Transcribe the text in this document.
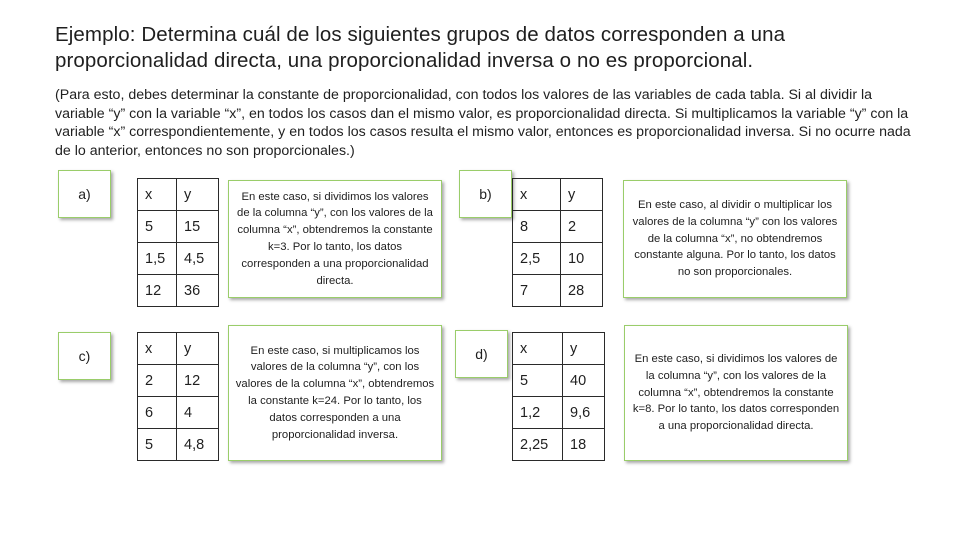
Ejemplo: Determina cuál de los siguientes grupos de datos corresponden a una proporcionalidad directa, una proporcionalidad inversa o no es proporcional.
(Para esto, debes determinar la constante de proporcionalidad, con todos los valores de las variables de cada tabla. Si al dividir la variable “y” con la variable “x”, en todos los casos dan el mismo valor, es proporcionalidad directa. Si multiplicamos la variable “y” con la variable “x” correspondientemente, y en todos los casos resulta el mismo valor, entonces es proporcionalidad inversa. Si no ocurre nada de lo anterior, entonces no son proporcionales.)
a)	x	y
5	15
1,5	4,5
12	36
En este caso, si dividimos los valores de la columna “y”, con los valores de la columna “x”, obtendremos la constante k=3. Por lo tanto, los datos corresponden a una proporcionalidad directa.
b)	x	y
8	2
2,5	10
7	28
En este caso, al dividir o multiplicar los valores de la columna “y” con los valores de la columna “x”, no obtendremos constante alguna. Por lo tanto, los datos no son proporcionales.
c)	x	y
2	12
6	4
5	4,8
En este caso, si multiplicamos los valores de la columna “y”, con los valores de la columna “x”, obtendremos la constante k=24. Por lo tanto, los datos corresponden a una proporcionalidad inversa.
d)	x	y
5	40
1,2	9,6
2,25	18
En este caso, si dividimos los valores de la columna “y”, con los valores de la columna “x”, obtendremos la constante k=8. Por lo tanto, los datos corresponden a una proporcionalidad directa.
